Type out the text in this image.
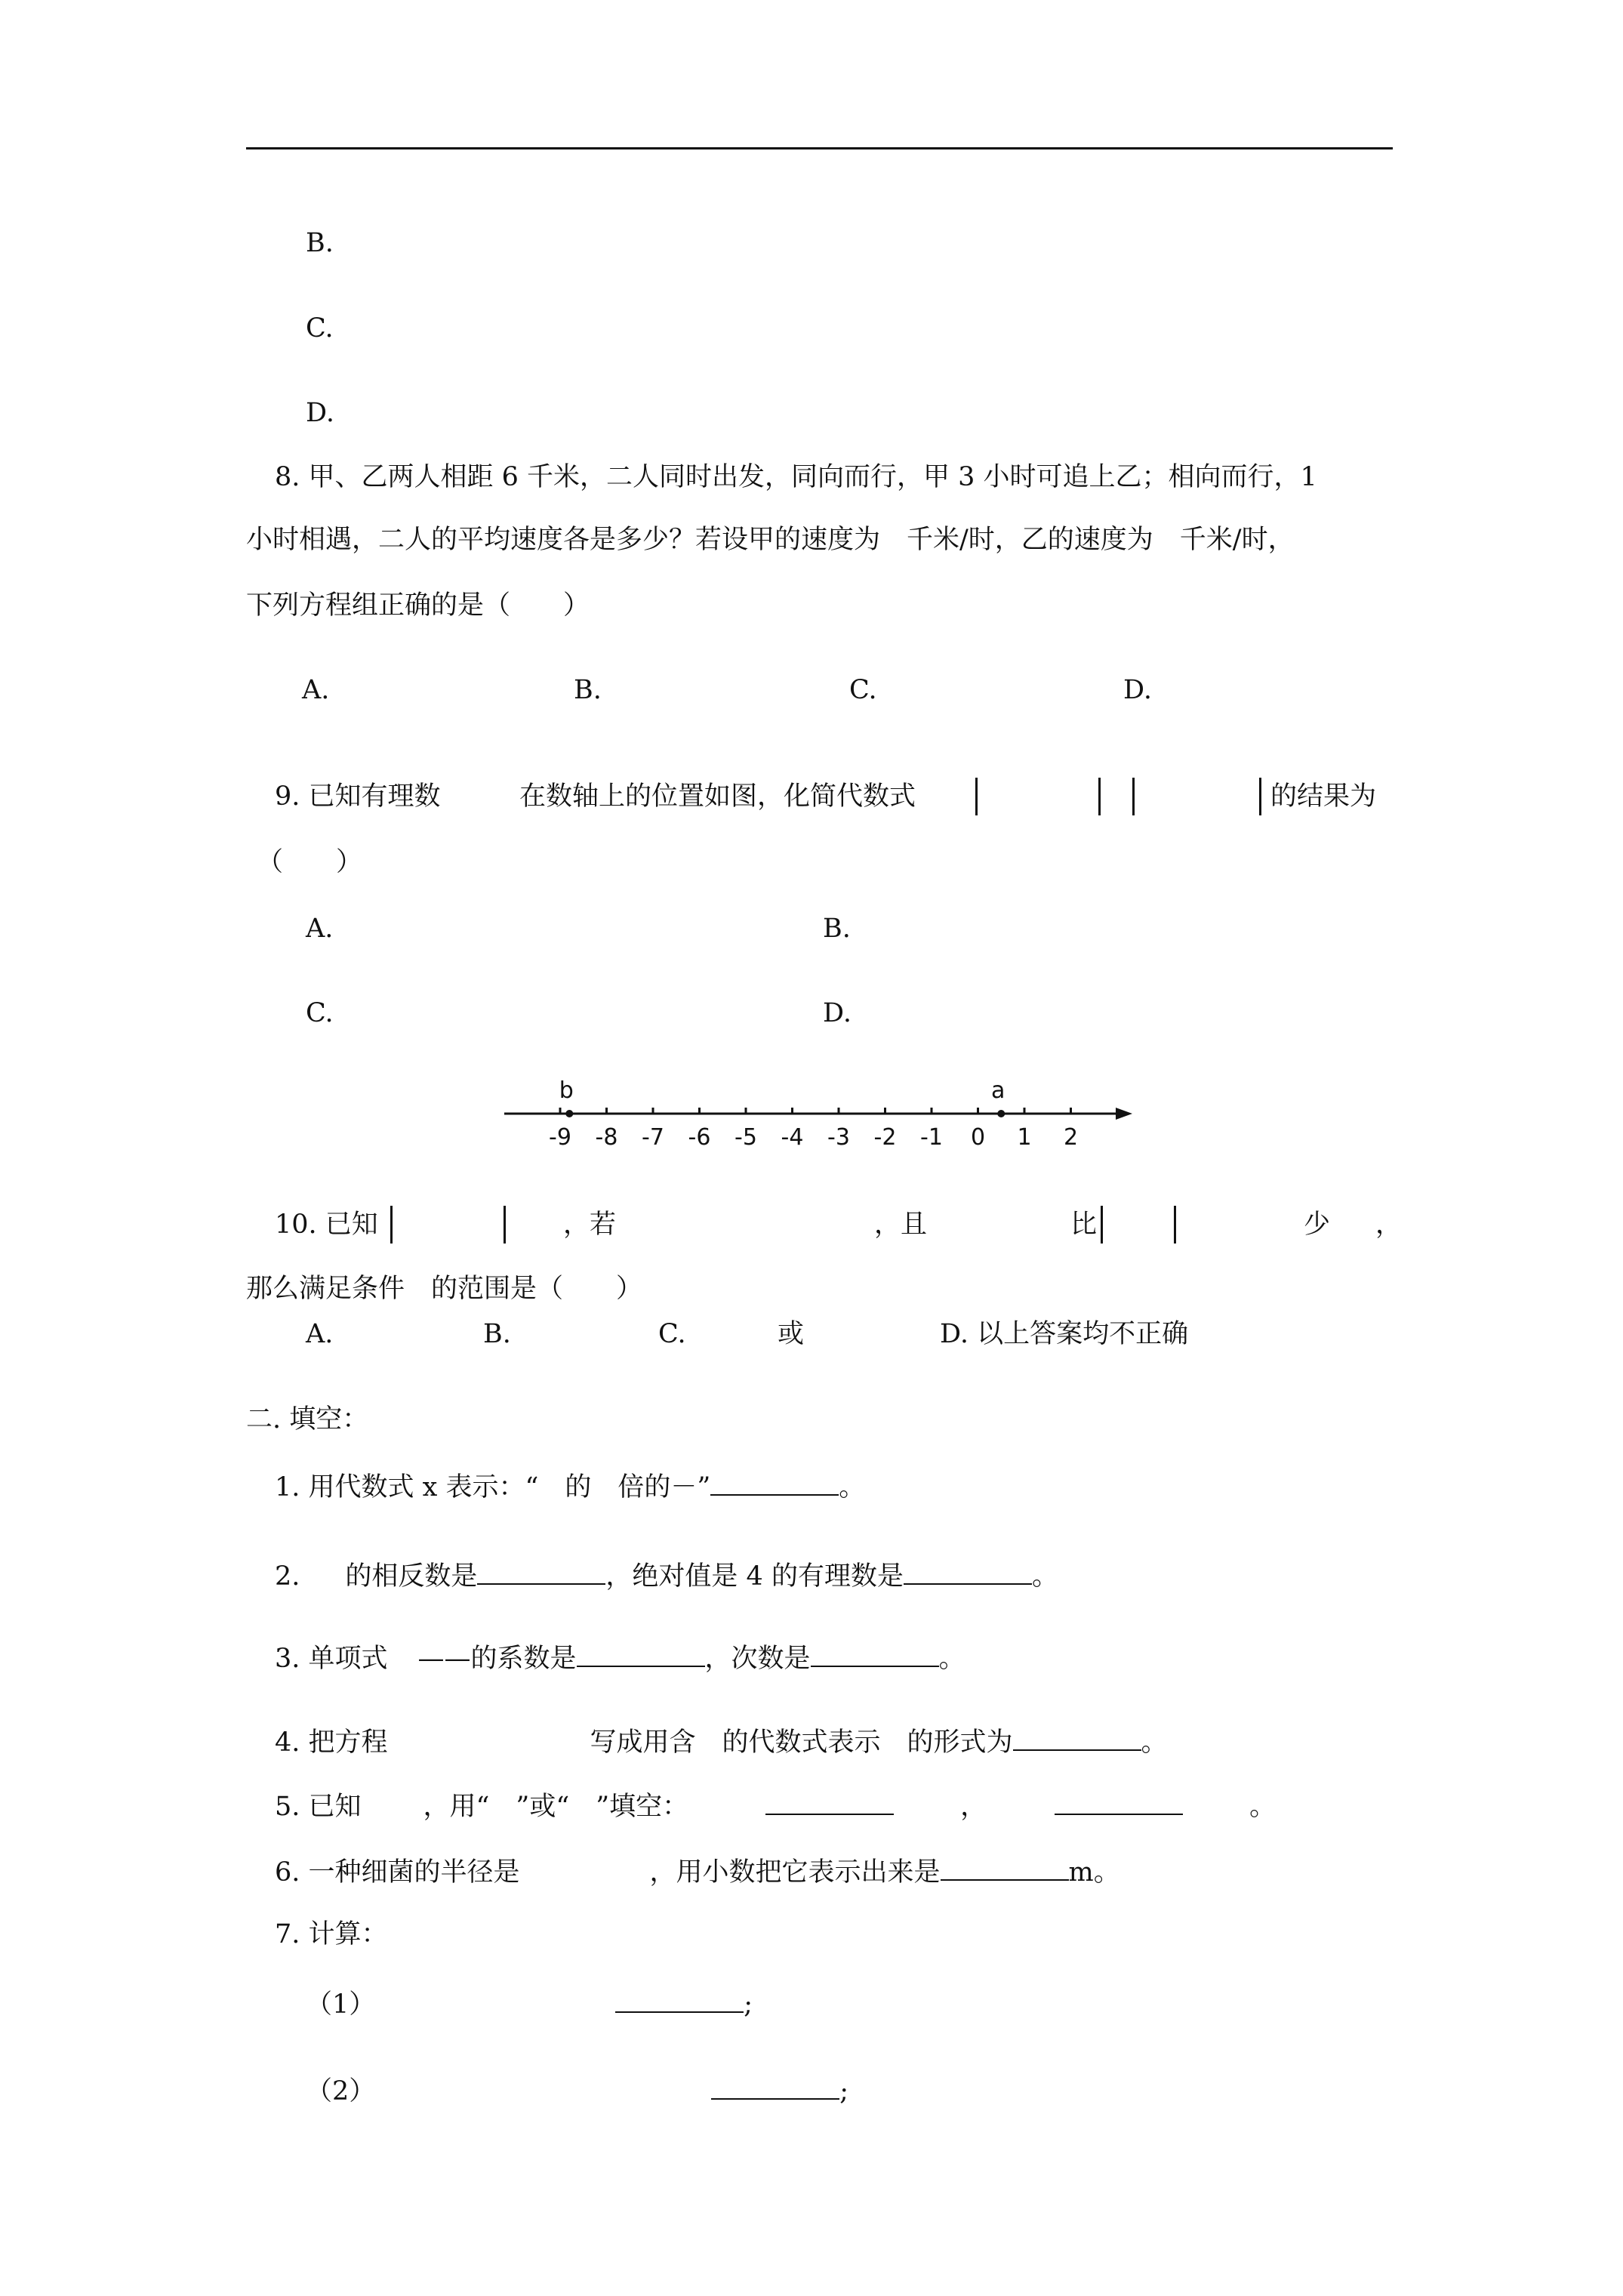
B.
C.
D.
8. 甲、乙两人相距 6 千米，二人同时出发，同向而行，甲 3 小时可追上乙；相向而行，1
小时相遇，二人的平均速度各是多少？若设甲的速度为　千米/时，乙的速度为　千米/时，
下列方程组正确的是（　　）
A.	B.	C.	D.
9. 已知有理数	在数轴上的位置如图，化简代数式	的结果为
（　　）
A.	B.
C.	D.
-9 -8 -7 -6 -5 -4 -3 -2 -1 0 1 2
b	a
10. 已知	，若	，且	比	少 ，
那么满足条件　的范围是（　　）
A.	B.	C.	或	D. 以上答案均不正确
二. 填空：
1. 用代数式 x 表示：“　的　倍的－”	。
2. 的相反数是	，绝对值是 4 的有理数是	。
3. 单项式 ——的系数是	，次数是	。
4. 把方程	写成用含　的代数式表示　的形式为	。
5. 已知 ，用“　”或“　”填空：	，	。
6. 一种细菌的半径是	，用小数把它表示出来是	m。
7. 计算：
（1）	;
（2）	;
